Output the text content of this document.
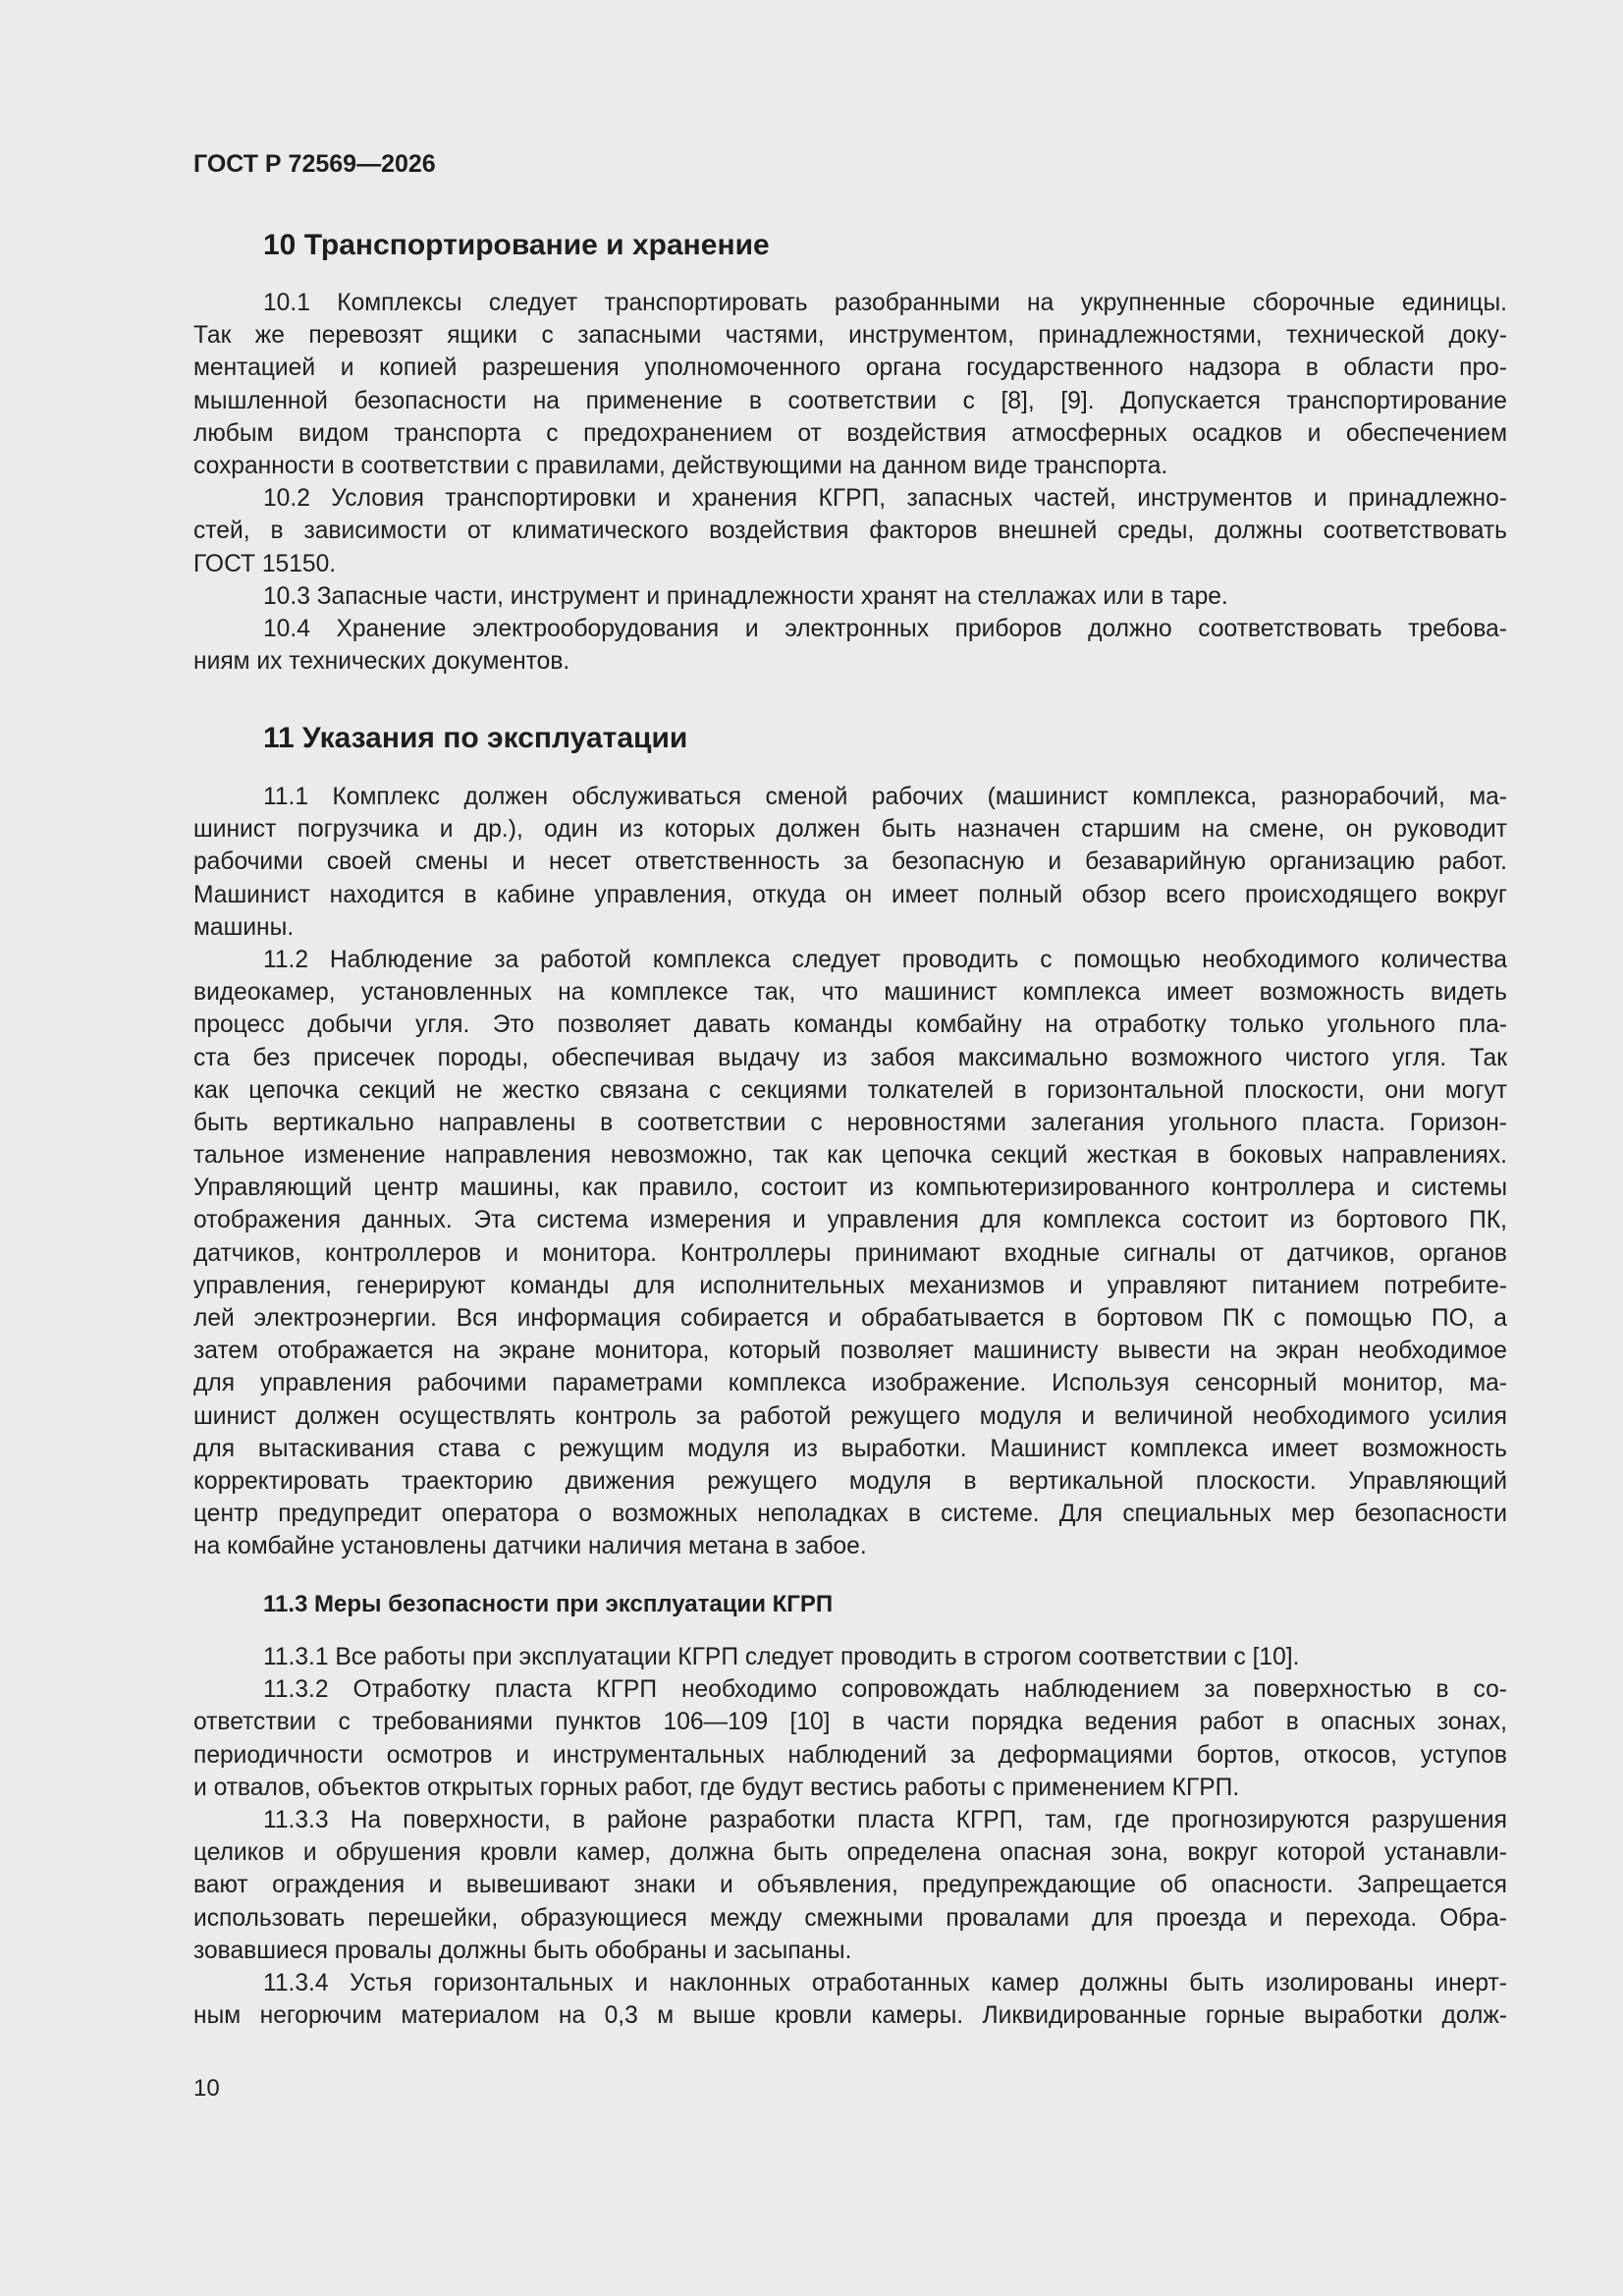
ГОСТ Р 72569—2026
10 Транспортирование и хранение
10.1 Комплексы следует транспортировать разобранными на укрупненные сборочные единицы.
Так же перевозят ящики с запасными частями, инструментом, принадлежностями, технической доку-
ментацией и копией разрешения уполномоченного органа государственного надзора в области про-
мышленной безопасности на применение в соответствии с [8], [9]. Допускается транспортирование
любым видом транспорта с предохранением от воздействия атмосферных осадков и обеспечением
сохранности в соответствии с правилами, действующими на данном виде транспорта.
10.2 Условия транспортировки и хранения КГРП, запасных частей, инструментов и принадлежно-
стей, в зависимости от климатического воздействия факторов внешней среды, должны соответствовать
ГОСТ 15150.
10.3 Запасные части, инструмент и принадлежности хранят на стеллажах или в таре.
10.4 Хранение электрооборудования и электронных приборов должно соответствовать требова-
ниям их технических документов.
11 Указания по эксплуатации
11.1 Комплекс должен обслуживаться сменой рабочих (машинист комплекса, разнорабочий, ма-
шинист погрузчика и др.), один из которых должен быть назначен старшим на смене, он руководит
рабочими своей смены и несет ответственность за безопасную и безаварийную организацию работ.
Машинист находится в кабине управления, откуда он имеет полный обзор всего происходящего вокруг
машины.
11.2 Наблюдение за работой комплекса следует проводить с помощью необходимого количества
видеокамер, установленных на комплексе так, что машинист комплекса имеет возможность видеть
процесс добычи угля. Это позволяет давать команды комбайну на отработку только угольного пла-
ста без присечек породы, обеспечивая выдачу из забоя максимально возможного чистого угля. Так
как цепочка секций не жестко связана с секциями толкателей в горизонтальной плоскости, они могут
быть вертикально направлены в соответствии с неровностями залегания угольного пласта. Горизон-
тальное изменение направления невозможно, так как цепочка секций жесткая в боковых направлениях.
Управляющий центр машины, как правило, состоит из компьютеризированного контроллера и системы
отображения данных. Эта система измерения и управления для комплекса состоит из бортового ПК,
датчиков, контроллеров и монитора. Контроллеры принимают входные сигналы от датчиков, органов
управления, генерируют команды для исполнительных механизмов и управляют питанием потребите-
лей электроэнергии. Вся информация собирается и обрабатывается в бортовом ПК с помощью ПО, а
затем отображается на экране монитора, который позволяет машинисту вывести на экран необходимое
для управления рабочими параметрами комплекса изображение. Используя сенсорный монитор, ма-
шинист должен осуществлять контроль за работой режущего модуля и величиной необходимого усилия
для вытаскивания става с режущим модуля из выработки. Машинист комплекса имеет возможность
корректировать траекторию движения режущего модуля в вертикальной плоскости. Управляющий
центр предупредит оператора о возможных неполадках в системе. Для специальных мер безопасности
на комбайне установлены датчики наличия метана в забое.
11.3 Меры безопасности при эксплуатации КГРП
11.3.1 Все работы при эксплуатации КГРП следует проводить в строгом соответствии с [10].
11.3.2 Отработку пласта КГРП необходимо сопровождать наблюдением за поверхностью в со-
ответствии с требованиями пунктов 106—109 [10] в части порядка ведения работ в опасных зонах,
периодичности осмотров и инструментальных наблюдений за деформациями бортов, откосов, уступов
и отвалов, объектов открытых горных работ, где будут вестись работы с применением КГРП.
11.3.3 На поверхности, в районе разработки пласта КГРП, там, где прогнозируются разрушения
целиков и обрушения кровли камер, должна быть определена опасная зона, вокруг которой устанавли-
вают ограждения и вывешивают знаки и объявления, предупреждающие об опасности. Запрещается
использовать перешейки, образующиеся между смежными провалами для проезда и перехода. Обра-
зовавшиеся провалы должны быть обобраны и засыпаны.
11.3.4 Устья горизонтальных и наклонных отработанных камер должны быть изолированы инерт-
ным негорючим материалом на 0,3 м выше кровли камеры. Ликвидированные горные выработки долж-
10
